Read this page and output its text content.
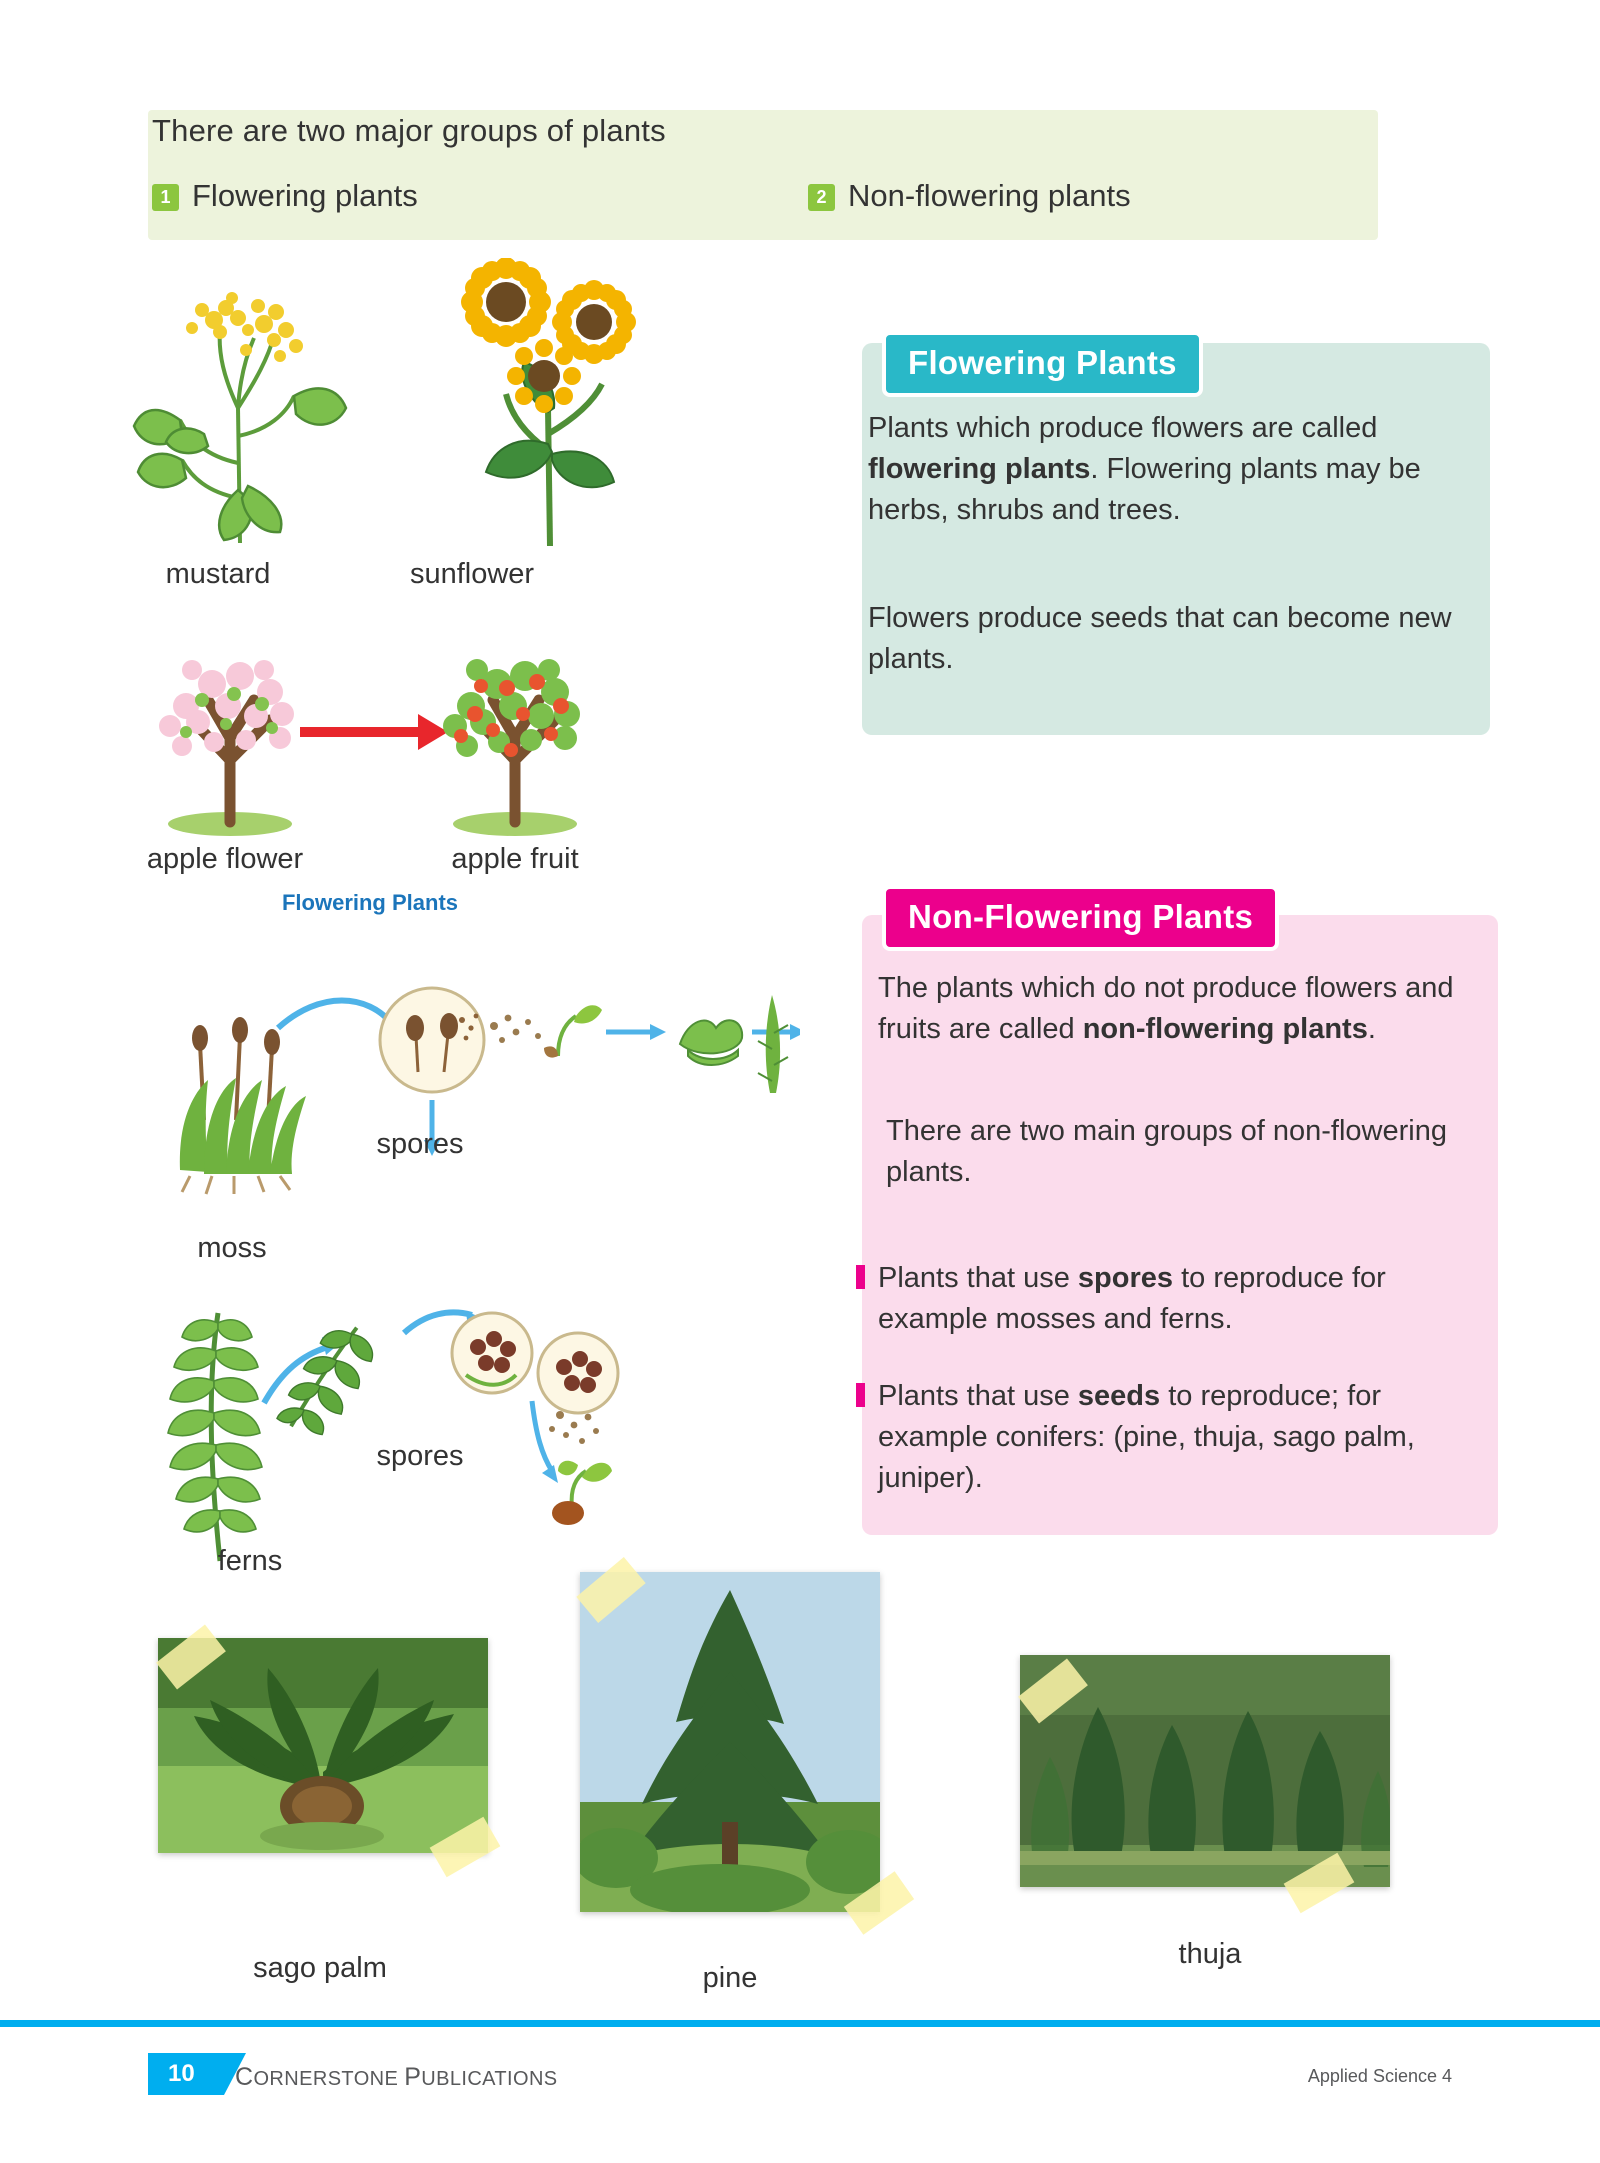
There are two major groups of plants
1 Flowering plants	2 Non-flowering plants
mustard	sunflower
apple flower	apple fruit
Flowering Plants
Flowering Plants
Plants which produce flowers are called flowering plants. Flowering plants may be herbs, shrubs and trees.
Flowers produce seeds that can become new plants.
spores
moss
spores
ferns
Non-Flowering Plants
The plants which do not produce flowers and fruits are called non-flowering plants.
There are two main groups of non-flowering plants.
Plants that use spores to reproduce for example mosses and ferns.
Plants that use seeds to reproduce; for example conifers: (pine, thuja, sago palm, juniper).
sago palm	pine
thuja
10 CORNERSTONE PUBLICATIONS	Applied Science 4
